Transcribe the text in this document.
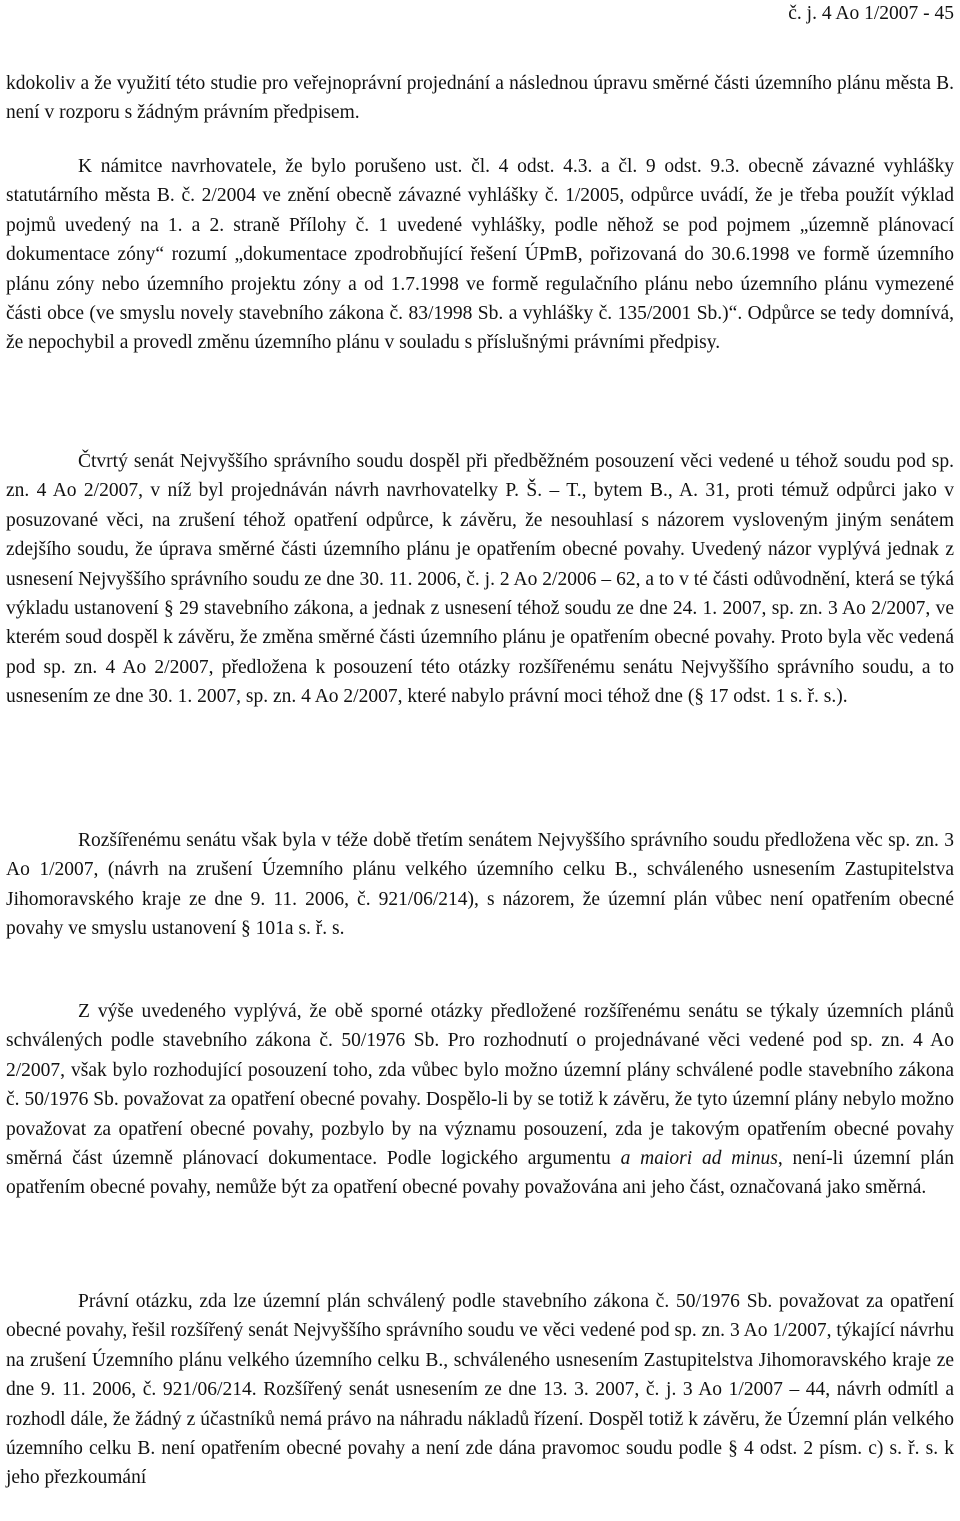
č. j. 4 Ao 1/2007 - 45

kdokoliv a že využití této studie pro veřejnoprávní projednání a následnou úpravu směrné části územního plánu města B. není v rozporu s žádným právním předpisem.

K námitce navrhovatele, že bylo porušeno ust. čl. 4 odst. 4.3. a čl. 9 odst. 9.3. obecně závazné vyhlášky statutárního města B. č. 2/2004 ve znění obecně závazné vyhlášky č. 1/2005, odpůrce uvádí, že je třeba použít výklad pojmů uvedený na 1. a 2. straně Přílohy č. 1 uvedené vyhlášky, podle něhož se pod pojmem „územně plánovací dokumentace zóny“ rozumí „dokumentace zpodrobňující řešení ÚPmB, pořizovaná do 30.6.1998 ve formě územního plánu zóny nebo územního projektu zóny a od 1.7.1998 ve formě regulačního plánu nebo územního plánu vymezené části obce (ve smyslu novely stavebního zákona č. 83/1998 Sb. a vyhlášky č. 135/2001 Sb.)“. Odpůrce se tedy domnívá, že nepochybil a provedl změnu územního plánu v souladu s příslušnými právními předpisy.

Čtvrtý senát Nejvyššího správního soudu dospěl při předběžném posouzení věci vedené u téhož soudu pod sp. zn. 4 Ao 2/2007, v níž byl projednáván návrh navrhovatelky P. Š. – T., bytem B., A. 31, proti témuž odpůrci jako v posuzované věci, na zrušení téhož opatření odpůrce, k závěru, že nesouhlasí s názorem vysloveným jiným senátem zdejšího soudu, že úprava směrné části územního plánu je opatřením obecné povahy. Uvedený názor vyplývá jednak z usnesení Nejvyššího správního soudu ze dne 30. 11. 2006, č. j. 2 Ao 2/2006 – 62, a to v té části odůvodnění, která se týká výkladu ustanovení § 29 stavebního zákona, a jednak z usnesení téhož soudu ze dne 24. 1. 2007, sp. zn. 3 Ao 2/2007, ve kterém soud dospěl k závěru, že změna směrné části územního plánu je opatřením obecné povahy. Proto byla věc vedená pod sp. zn. 4 Ao 2/2007, předložena k posouzení této otázky rozšířenému senátu Nejvyššího správního soudu, a to usnesením ze dne 30. 1. 2007, sp. zn. 4 Ao 2/2007, které nabylo právní moci téhož dne (§ 17 odst. 1 s. ř. s.).

Rozšířenému senátu však byla v téže době třetím senátem Nejvyššího správního soudu předložena věc sp. zn. 3 Ao 1/2007, (návrh na zrušení Územního plánu velkého územního celku B., schváleného usnesením Zastupitelstva Jihomoravského kraje ze dne 9. 11. 2006, č. 921/06/214), s názorem, že územní plán vůbec není opatřením obecné povahy ve smyslu ustanovení § 101a s. ř. s.

Z výše uvedeného vyplývá, že obě sporné otázky předložené rozšířenému senátu se týkaly územních plánů schválených podle stavebního zákona č. 50/1976 Sb. Pro rozhodnutí o projednávané věci vedené pod sp. zn. 4 Ao 2/2007, však bylo rozhodující posouzení toho, zda vůbec bylo možno územní plány schválené podle stavebního zákona č. 50/1976 Sb. považovat za opatření obecné povahy. Dospělo-li by se totiž k závěru, že tyto územní plány nebylo možno považovat za opatření obecné povahy, pozbylo by na významu posouzení, zda je takovým opatřením obecné povahy směrná část územně plánovací dokumentace. Podle logického argumentu a maiori ad minus, není-li územní plán opatřením obecné povahy, nemůže být za opatření obecné povahy považována ani jeho část, označovaná jako směrná.

Právní otázku, zda lze územní plán schválený podle stavebního zákona č. 50/1976 Sb. považovat za opatření obecné povahy, řešil rozšířený senát Nejvyššího správního soudu ve věci vedené pod sp. zn. 3 Ao 1/2007, týkající návrhu na zrušení Územního plánu velkého územního celku B., schváleného usnesením Zastupitelstva Jihomoravského kraje ze dne 9. 11. 2006, č. 921/06/214. Rozšířený senát usnesením ze dne 13. 3. 2007, č. j. 3 Ao 1/2007 – 44, návrh odmítl a rozhodl dále, že žádný z účastníků nemá právo na náhradu nákladů řízení. Dospěl totiž k závěru, že Územní plán velkého územního celku B. není opatřením obecné povahy a není zde dána pravomoc soudu podle § 4 odst. 2 písm. c) s. ř. s. k jeho přezkoumání
